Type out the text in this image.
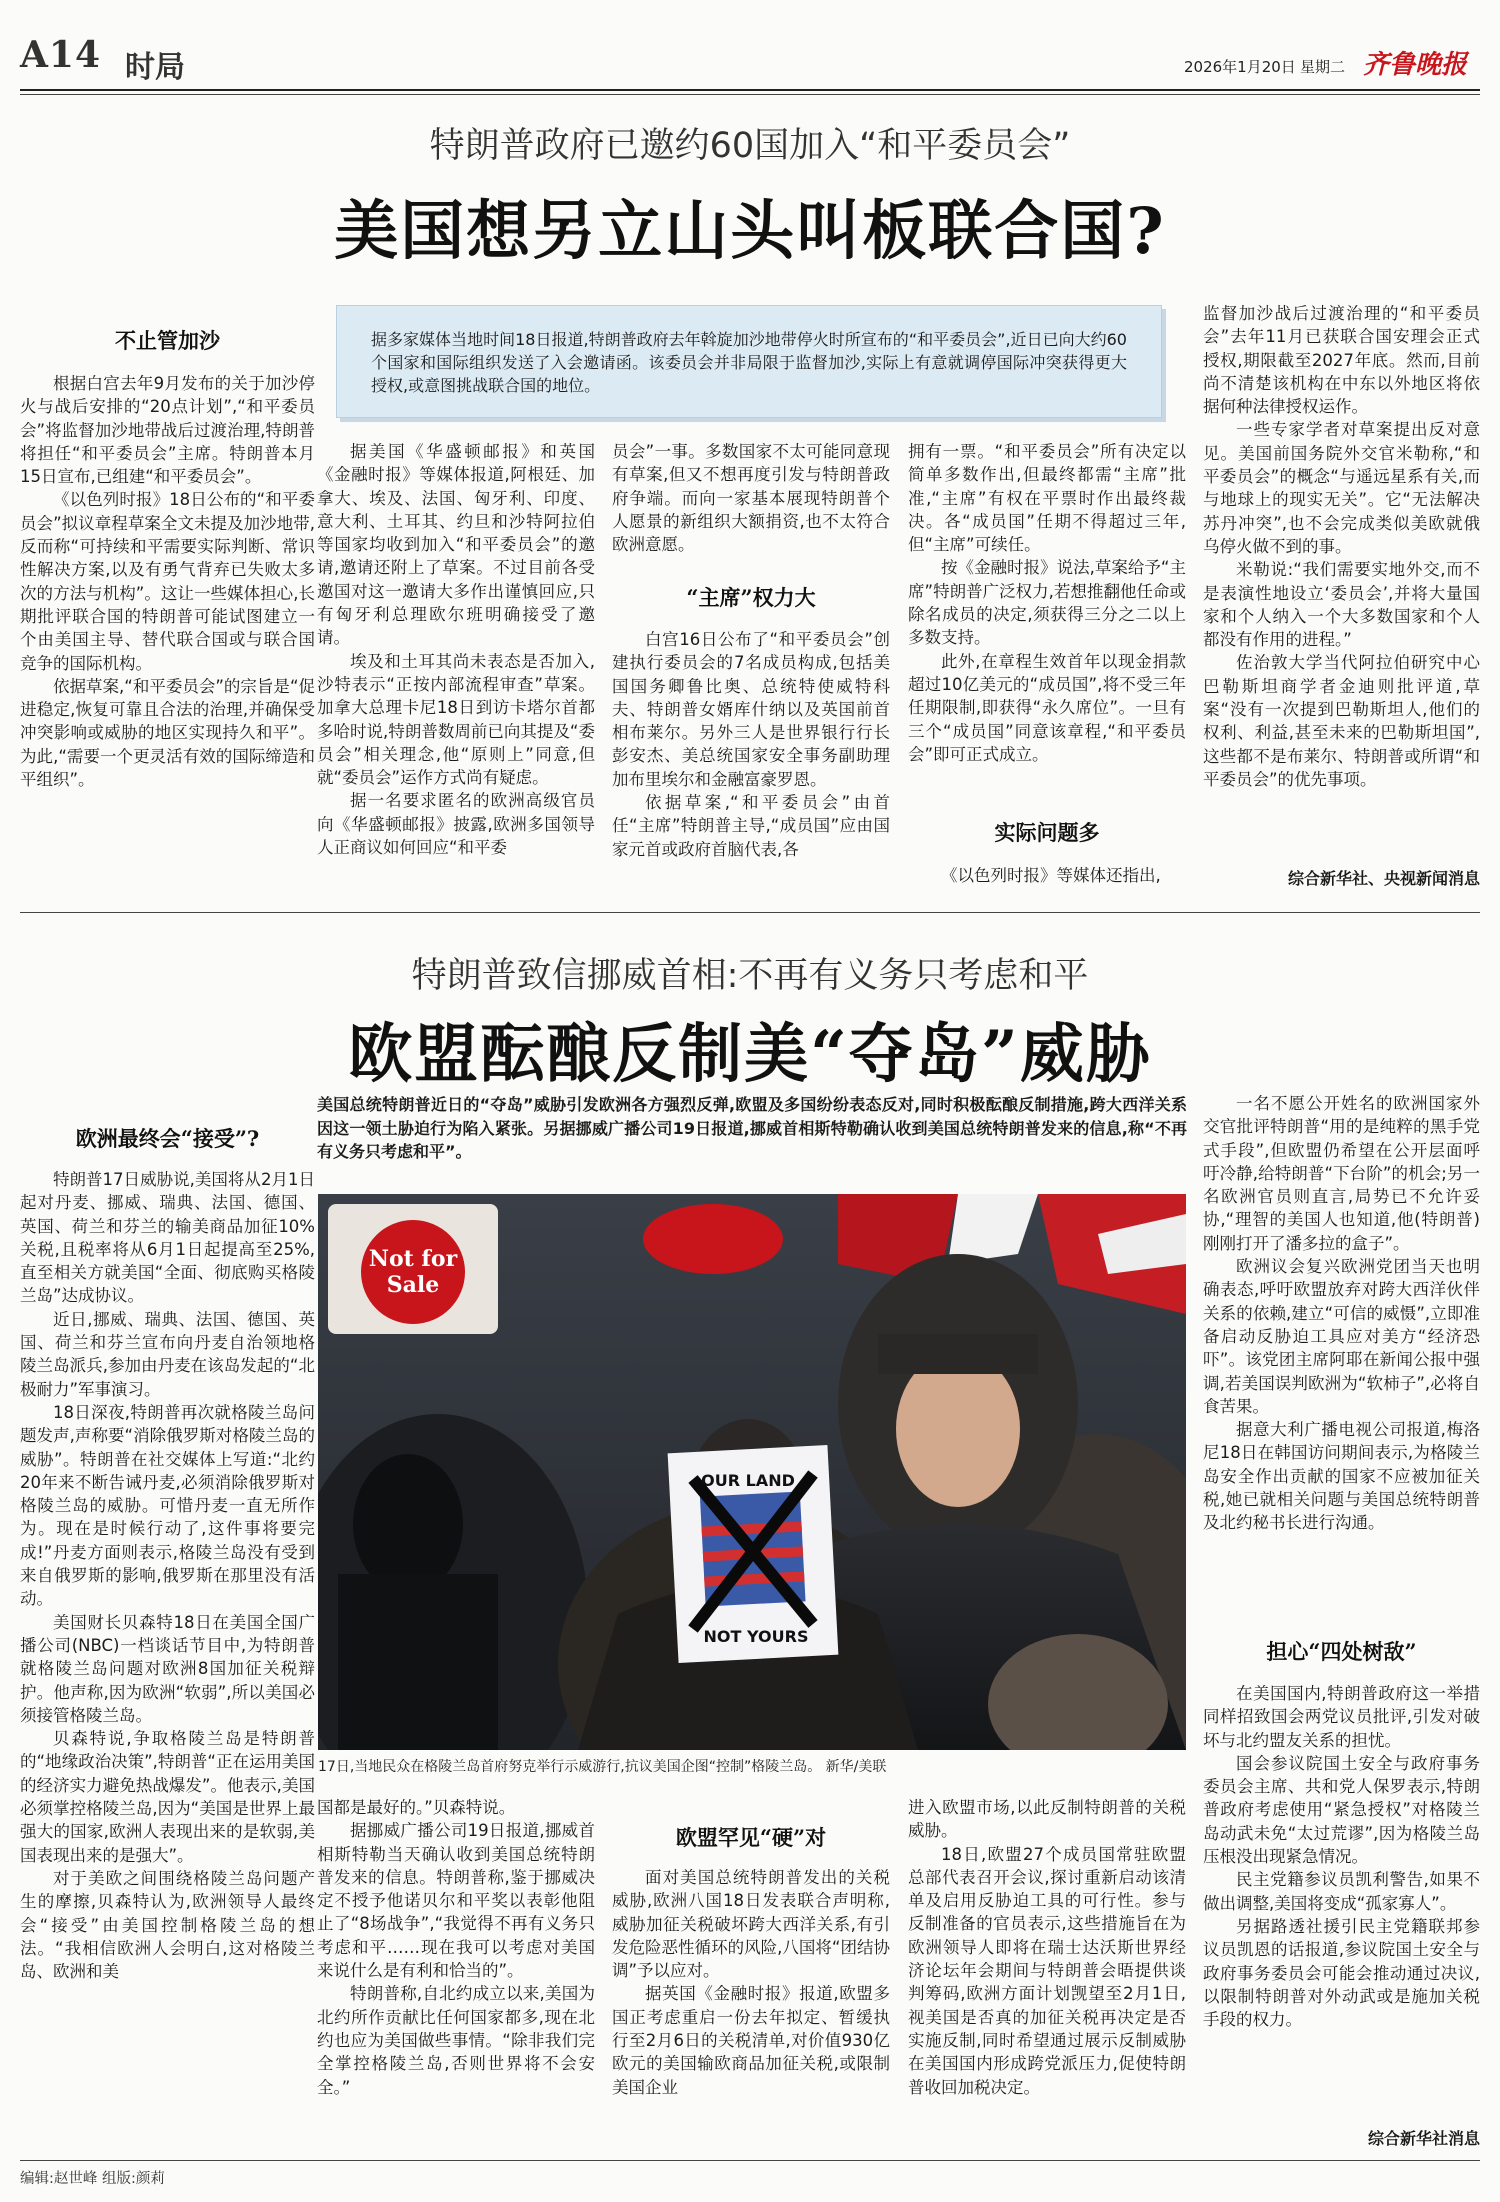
A14 时局	2026年1月20日 星期二 齐鲁晚报
特朗普政府已邀约60国加入“和平委员会”
美国想另立山头叫板联合国?
据多家媒体当地时间18日报道,特朗普政府去年斡旋加沙地带停火时所宣布的“和平委员会”,近日已向大约60个国家和国际组织发送了入会邀请函。该委员会并非局限于监督加沙,实际上有意就调停国际冲突获得更大授权,或意图挑战联合国的地位。
不止管加沙

根据白宫去年9月发布的关于加沙停火与战后安排的“20点计划”,“和平委员会”将监督加沙地带战后过渡治理,特朗普将担任“和平委员会”主席。特朗普本月15日宣布,已组建“和平委员会”。

《以色列时报》18日公布的“和平委员会”拟议章程草案全文未提及加沙地带,反而称“可持续和平需要实际判断、常识性解决方案,以及有勇气背弃已失败太多次的方法与机构”。这让一些媒体担心,长期批评联合国的特朗普可能试图建立一个由美国主导、替代联合国或与联合国竞争的国际机构。

依据草案,“和平委员会”的宗旨是“促进稳定,恢复可靠且合法的治理,并确保受冲突影响或威胁的地区实现持久和平”。为此,“需要一个更灵活有效的国际缔造和平组织”。

据美国《华盛顿邮报》和英国《金融时报》等媒体报道,阿根廷、加拿大、埃及、法国、匈牙利、印度、意大利、土耳其、约旦和沙特阿拉伯等国家均收到加入“和平委员会”的邀请,邀请还附上了草案。不过目前各受邀国对这一邀请大多作出谨慎回应,只有匈牙利总理欧尔班明确接受了邀请。

埃及和土耳其尚未表态是否加入,沙特表示“正按内部流程审查”草案。加拿大总理卡尼18日到访卡塔尔首都多哈时说,特朗普数周前已向其提及“委员会”相关理念,他“原则上”同意,但就“委员会”运作方式尚有疑虑。

据一名要求匿名的欧洲高级官员向《华盛顿邮报》披露,欧洲多国领导人正商议如何回应“和平委

员会”一事。多数国家不太可能同意现有草案,但又不想再度引发与特朗普政府争端。而向一家基本展现特朗普个人愿景的新组织大额捐资,也不太符合欧洲意愿。

“主席”权力大

白宫16日公布了“和平委员会”创建执行委员会的7名成员构成,包括美国国务卿鲁比奥、总统特使威特科夫、特朗普女婿库什纳以及英国前首相布莱尔。另外三人是世界银行行长彭安杰、美总统国家安全事务副助理加布里埃尔和金融富豪罗恩。

依据草案,“和平委员会”由首任“主席”特朗普主导,“成员国”应由国家元首或政府首脑代表,各

拥有一票。“和平委员会”所有决定以简单多数作出,但最终都需“主席”批准,“主席”有权在平票时作出最终裁决。各“成员国”任期不得超过三年,但“主席”可续任。

按《金融时报》说法,草案给予“主席”特朗普广泛权力,若想推翻他任命或除名成员的决定,须获得三分之二以上多数支持。

此外,在章程生效首年以现金捐款超过10亿美元的“成员国”,将不受三年任期限制,即获得“永久席位”。一旦有三个“成员国”同意该章程,“和平委员会”即可正式成立。

实际问题多

《以色列时报》等媒体还指出,

监督加沙战后过渡治理的“和平委员会”去年11月已获联合国安理会正式授权,期限截至2027年底。然而,目前尚不清楚该机构在中东以外地区将依据何种法律授权运作。

一些专家学者对草案提出反对意见。美国前国务院外交官米勒称,“和平委员会”的概念“与遥远星系有关,而与地球上的现实无关”。它“无法解决苏丹冲突”,也不会完成类似美欧就俄乌停火做不到的事。

米勒说:“我们需要实地外交,而不是表演性地设立‘委员会’,并将大量国家和个人纳入一个大多数国家和个人都没有作用的进程。”

佐治敦大学当代阿拉伯研究中心巴勒斯坦商学者金迪则批评道,草案“没有一次提到巴勒斯坦人,他们的权利、利益,甚至未来的巴勒斯坦国”,这些都不是布莱尔、特朗普或所谓“和平委员会”的优先事项。

综合新华社、央视新闻消息
特朗普致信挪威首相:不再有义务只考虑和平
欧盟酝酿反制美“夺岛”威胁
美国总统特朗普近日的“夺岛”威胁引发欧洲各方强烈反弹,欧盟及多国纷纷表态反对,同时积极酝酿反制措施,跨大西洋关系因这一领土胁迫行为陷入紧张。另据挪威广播公司19日报道,挪威首相斯特勒确认收到美国总统特朗普发来的信息,称“不再有义务只考虑和平”。
欧洲最终会“接受”?

特朗普17日威胁说,美国将从2月1日起对丹麦、挪威、瑞典、法国、德国、英国、荷兰和芬兰的输美商品加征10%关税,且税率将从6月1日起提高至25%,直至相关方就美国“全面、彻底购买格陵兰岛”达成协议。

近日,挪威、瑞典、法国、德国、英国、荷兰和芬兰宣布向丹麦自治领地格陵兰岛派兵,参加由丹麦在该岛发起的“北极耐力”军事演习。

18日深夜,特朗普再次就格陵兰岛问题发声,声称要“消除俄罗斯对格陵兰岛的威胁”。特朗普在社交媒体上写道:“北约20年来不断告诫丹麦,必须消除俄罗斯对格陵兰岛的威胁。可惜丹麦一直无所作为。现在是时候行动了,这件事将要完成!”丹麦方面则表示,格陵兰岛没有受到来自俄罗斯的影响,俄罗斯在那里没有活动。

美国财长贝森特18日在美国全国广播公司(NBC)一档谈话节目中,为特朗普就格陵兰岛问题对欧洲8国加征关税辩护。他声称,因为欧洲“软弱”,所以美国必须接管格陵兰岛。

贝森特说,争取格陵兰岛是特朗普的“地缘政治决策”,特朗普“正在运用美国的经济实力避免热战爆发”。他表示,美国必须掌控格陵兰岛,因为“美国是世界上最强大的国家,欧洲人表现出来的是软弱,美国表现出来的是强大”。

对于美欧之间围绕格陵兰岛问题产生的摩擦,贝森特认为,欧洲领导人最终会“接受”由美国控制格陵兰岛的想法。“我相信欧洲人会明白,这对格陵兰岛、欧洲和美

Not for
Sale
OUR LAND
NOT YOURS
17日,当地民众在格陵兰岛首府努克举行示威游行,抗议美国企图“控制”格陵兰岛。 新华/美联

国都是最好的。”贝森特说。

据挪威广播公司19日报道,挪威首相斯特勒当天确认收到美国总统特朗普发来的信息。特朗普称,鉴于挪威决定不授予他诺贝尔和平奖以表彰他阻止了“8场战争”,“我觉得不再有义务只考虑和平……现在我可以考虑对美国来说什么是有利和恰当的”。

特朗普称,自北约成立以来,美国为北约所作贡献比任何国家都多,现在北约也应为美国做些事情。“除非我们完全掌控格陵兰岛,否则世界将不会安全。”

欧盟罕见“硬”对

面对美国总统特朗普发出的关税威胁,欧洲八国18日发表联合声明称,威胁加征关税破坏跨大西洋关系,有引发危险恶性循环的风险,八国将“团结协调”予以应对。

据英国《金融时报》报道,欧盟多国正考虑重启一份去年拟定、暂缓执行至2月6日的关税清单,对价值930亿欧元的美国输欧商品加征关税,或限制美国企业

进入欧盟市场,以此反制特朗普的关税威胁。

18日,欧盟27个成员国常驻欧盟总部代表召开会议,探讨重新启动该清单及启用反胁迫工具的可行性。参与反制准备的官员表示,这些措施旨在为欧洲领导人即将在瑞士达沃斯世界经济论坛年会期间与特朗普会晤提供谈判筹码,欧洲方面计划觊望至2月1日,视美国是否真的加征关税再决定是否实施反制,同时希望通过展示反制威胁在美国国内形成跨党派压力,促使特朗普收回加税决定。

一名不愿公开姓名的欧洲国家外交官批评特朗普“用的是纯粹的黑手党式手段”,但欧盟仍希望在公开层面呼吁冷静,给特朗普“下台阶”的机会;另一名欧洲官员则直言,局势已不允许妥协,“理智的美国人也知道,他(特朗普)刚刚打开了潘多拉的盒子”。

欧洲议会复兴欧洲党团当天也明确表态,呼吁欧盟放弃对跨大西洋伙伴关系的依赖,建立“可信的威慑”,立即准备启动反胁迫工具应对美方“经济恐吓”。该党团主席阿耶在新闻公报中强调,若美国误判欧洲为“软柿子”,必将自食苦果。

据意大利广播电视公司报道,梅洛尼18日在韩国访问期间表示,为格陵兰岛安全作出贡献的国家不应被加征关税,她已就相关问题与美国总统特朗普及北约秘书长进行沟通。

担心“四处树敌”

在美国国内,特朗普政府这一举措同样招致国会两党议员批评,引发对破坏与北约盟友关系的担忧。

国会参议院国土安全与政府事务委员会主席、共和党人保罗表示,特朗普政府考虑使用“紧急授权”对格陵兰岛动武未免“太过荒谬”,因为格陵兰岛压根没出现紧急情况。

民主党籍参议员凯利警告,如果不做出调整,美国将变成“孤家寡人”。

另据路透社援引民主党籍联邦参议员凯恩的话报道,参议院国土安全与政府事务委员会可能会推动通过决议,以限制特朗普对外动武或是施加关税手段的权力。

综合新华社消息
编辑:赵世峰 组版:颜莉
